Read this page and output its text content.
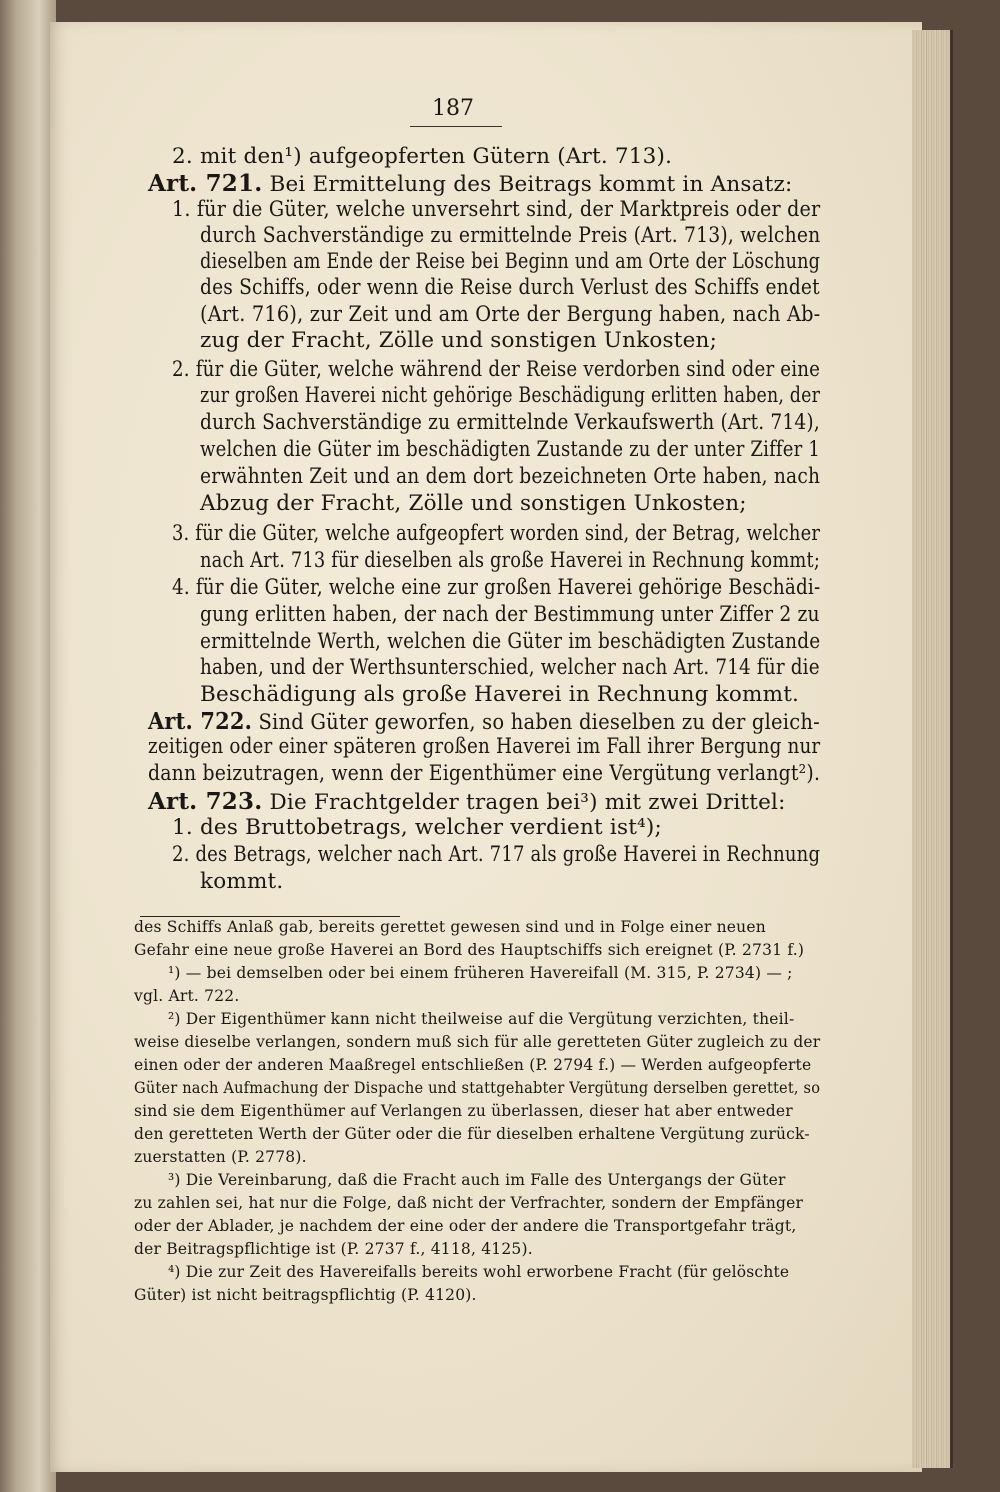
187
2. mit den¹) aufgeopferten Gütern (Art. 713).
Art. 721. Bei Ermittelung des Beitrags kommt in Ansatz:
1. für die Güter, welche unversehrt sind, der Marktpreis oder der
durch Sachverständige zu ermittelnde Preis (Art. 713), welchen
dieselben am Ende der Reise bei Beginn und am Orte der Löschung
des Schiffs, oder wenn die Reise durch Verlust des Schiffs endet
(Art. 716), zur Zeit und am Orte der Bergung haben, nach Ab-
zug der Fracht, Zölle und sonstigen Unkosten;
2. für die Güter, welche während der Reise verdorben sind oder eine
zur großen Haverei nicht gehörige Beschädigung erlitten haben, der
durch Sachverständige zu ermittelnde Verkaufswerth (Art. 714),
welchen die Güter im beschädigten Zustande zu der unter Ziffer 1
erwähnten Zeit und an dem dort bezeichneten Orte haben, nach
Abzug der Fracht, Zölle und sonstigen Unkosten;
3. für die Güter, welche aufgeopfert worden sind, der Betrag, welcher
nach Art. 713 für dieselben als große Haverei in Rechnung kommt;
4. für die Güter, welche eine zur großen Haverei gehörige Beschädi-
gung erlitten haben, der nach der Bestimmung unter Ziffer 2 zu
ermittelnde Werth, welchen die Güter im beschädigten Zustande
haben, und der Werthsunterschied, welcher nach Art. 714 für die
Beschädigung als große Haverei in Rechnung kommt.
Art. 722. Sind Güter geworfen, so haben dieselben zu der gleich-
zeitigen oder einer späteren großen Haverei im Fall ihrer Bergung nur
dann beizutragen, wenn der Eigenthümer eine Vergütung verlangt²).
Art. 723. Die Frachtgelder tragen bei³) mit zwei Drittel:
1. des Bruttobetrags, welcher verdient ist⁴);
2. des Betrags, welcher nach Art. 717 als große Haverei in Rechnung
kommt.
des Schiffs Anlaß gab, bereits gerettet gewesen sind und in Folge einer neuen
Gefahr eine neue große Haverei an Bord des Hauptschiffs sich ereignet (P. 2731 f.)
¹) — bei demselben oder bei einem früheren Havereifall (M. 315, P. 2734) — ;
vgl. Art. 722.
²) Der Eigenthümer kann nicht theilweise auf die Vergütung verzichten, theil-
weise dieselbe verlangen, sondern muß sich für alle geretteten Güter zugleich zu der
einen oder der anderen Maaßregel entschließen (P. 2794 f.) — Werden aufgeopferte
Güter nach Aufmachung der Dispache und stattgehabter Vergütung derselben gerettet, so
sind sie dem Eigenthümer auf Verlangen zu überlassen, dieser hat aber entweder
den geretteten Werth der Güter oder die für dieselben erhaltene Vergütung zurück-
zuerstatten (P. 2778).
³) Die Vereinbarung, daß die Fracht auch im Falle des Untergangs der Güter
zu zahlen sei, hat nur die Folge, daß nicht der Verfrachter, sondern der Empfänger
oder der Ablader, je nachdem der eine oder der andere die Transportgefahr trägt,
der Beitragspflichtige ist (P. 2737 f., 4118, 4125).
⁴) Die zur Zeit des Havereifalls bereits wohl erworbene Fracht (für gelöschte
Güter) ist nicht beitragspflichtig (P. 4120).
